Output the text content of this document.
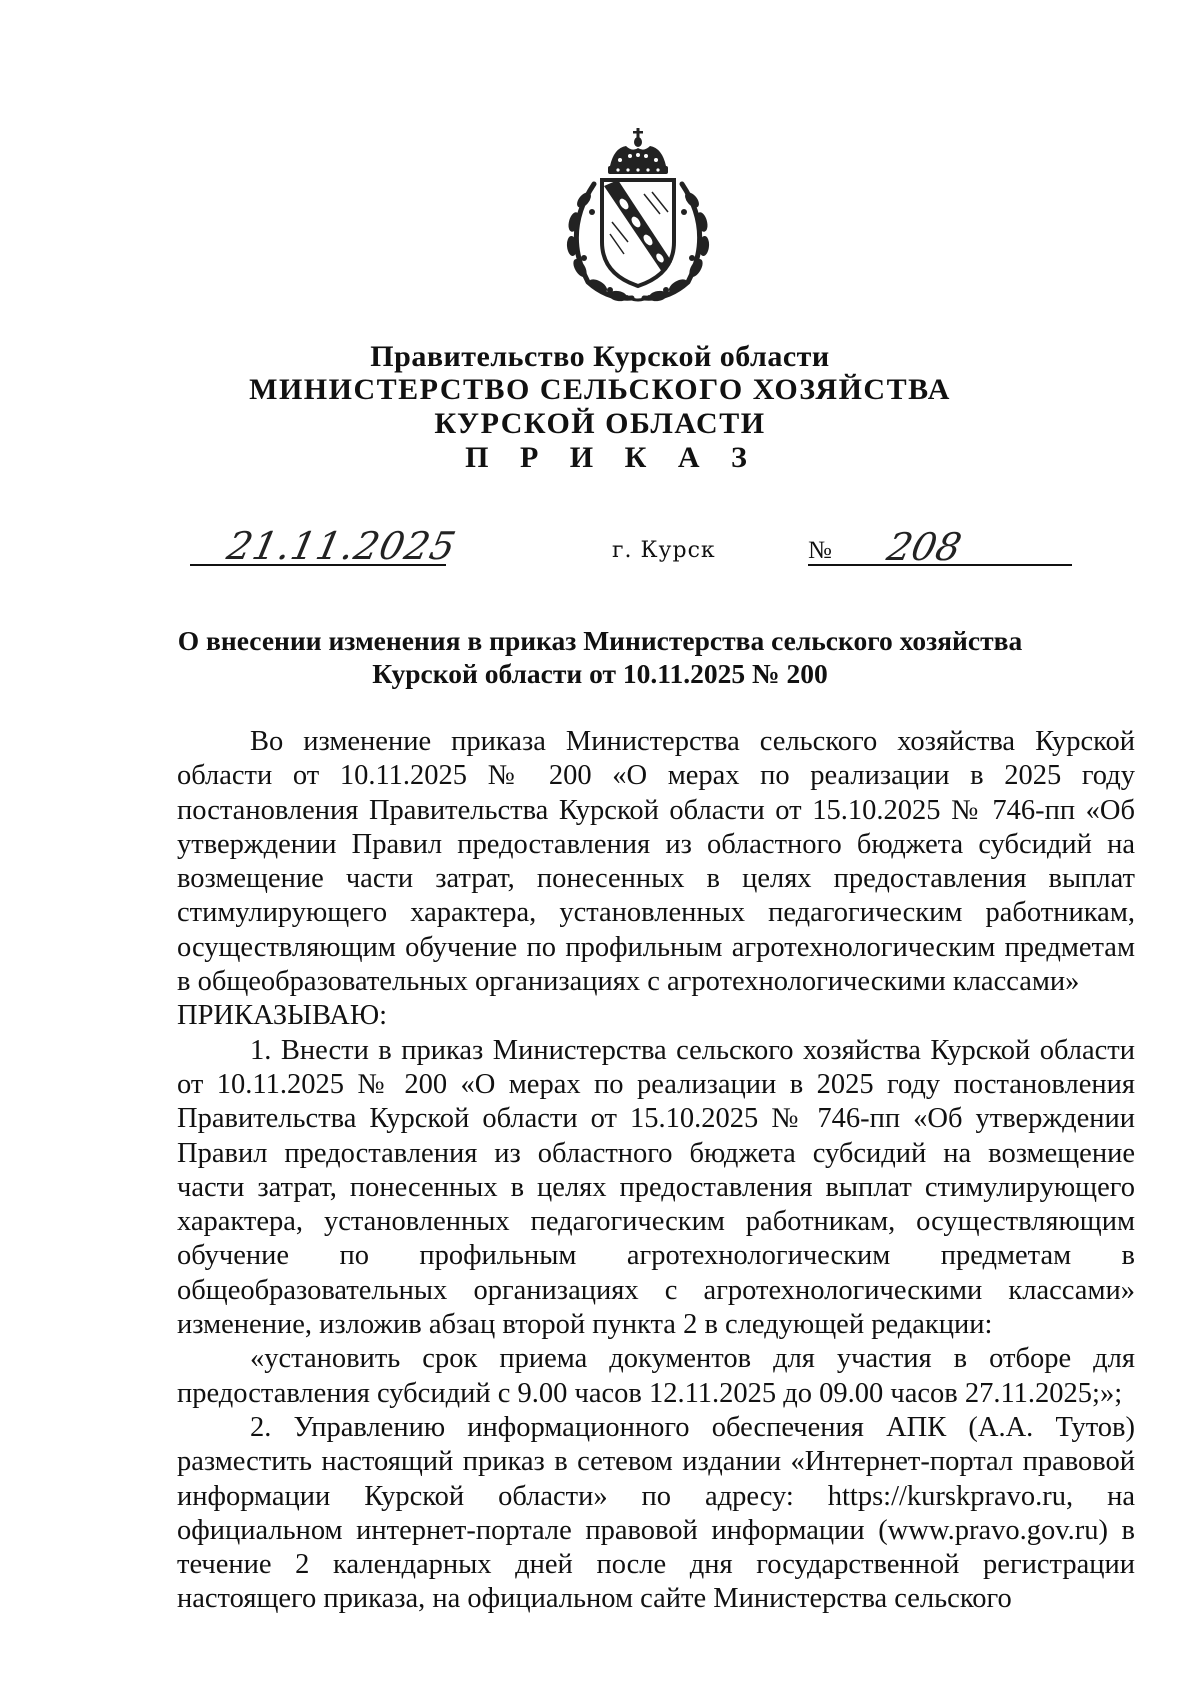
Правительство Курской области
МИНИСТЕРСТВО СЕЛЬСКОГО ХОЗЯЙСТВА
КУРСКОЙ ОБЛАСТИ
П Р И К А З
21.11.2025	г. Курск	№ 208
О внесении изменения в приказ Министерства сельского хозяйства
Курской области от 10.11.2025 № 200

Во изменение приказа Министерства сельского хозяйства Курской области от 10.11.2025 № 200 «О мерах по реализации в 2025 году постановления Правительства Курской области от 15.10.2025 № 746-пп «Об утверждении Правил предоставления из областного бюджета субсидий на возмещение части затрат, понесенных в целях предоставления выплат стимулирующего характера, установленных педагогическим работникам, осуществляющим обучение по профильным агротехнологическим предметам в общеобразовательных организациях с агротехнологическими классами»

ПРИКАЗЫВАЮ:

1. Внести в приказ Министерства сельского хозяйства Курской области от 10.11.2025 № 200 «О мерах по реализации в 2025 году постановления Правительства Курской области от 15.10.2025 № 746-пп «Об утверждении Правил предоставления из областного бюджета субсидий на возмещение части затрат, понесенных в целях предоставления выплат стимулирующего характера, установленных педагогическим работникам, осуществляющим обучение по профильным агротехнологическим предметам в общеобразовательных организациях с агротехнологическими классами» изменение, изложив абзац второй пункта 2 в следующей редакции:

«установить срок приема документов для участия в отборе для предоставления субсидий с 9.00 часов 12.11.2025 до 09.00 часов 27.11.2025;»;

2. Управлению информационного обеспечения АПК (А.А. Тутов) разместить настоящий приказ в сетевом издании «Интернет-портал правовой информации Курской области» по адресу: https://kurskpravo.ru, на официальном интернет-портале правовой информации (www.pravo.gov.ru) в течение 2 календарных дней после дня государственной регистрации настоящего приказа, на официальном сайте Министерства сельского
